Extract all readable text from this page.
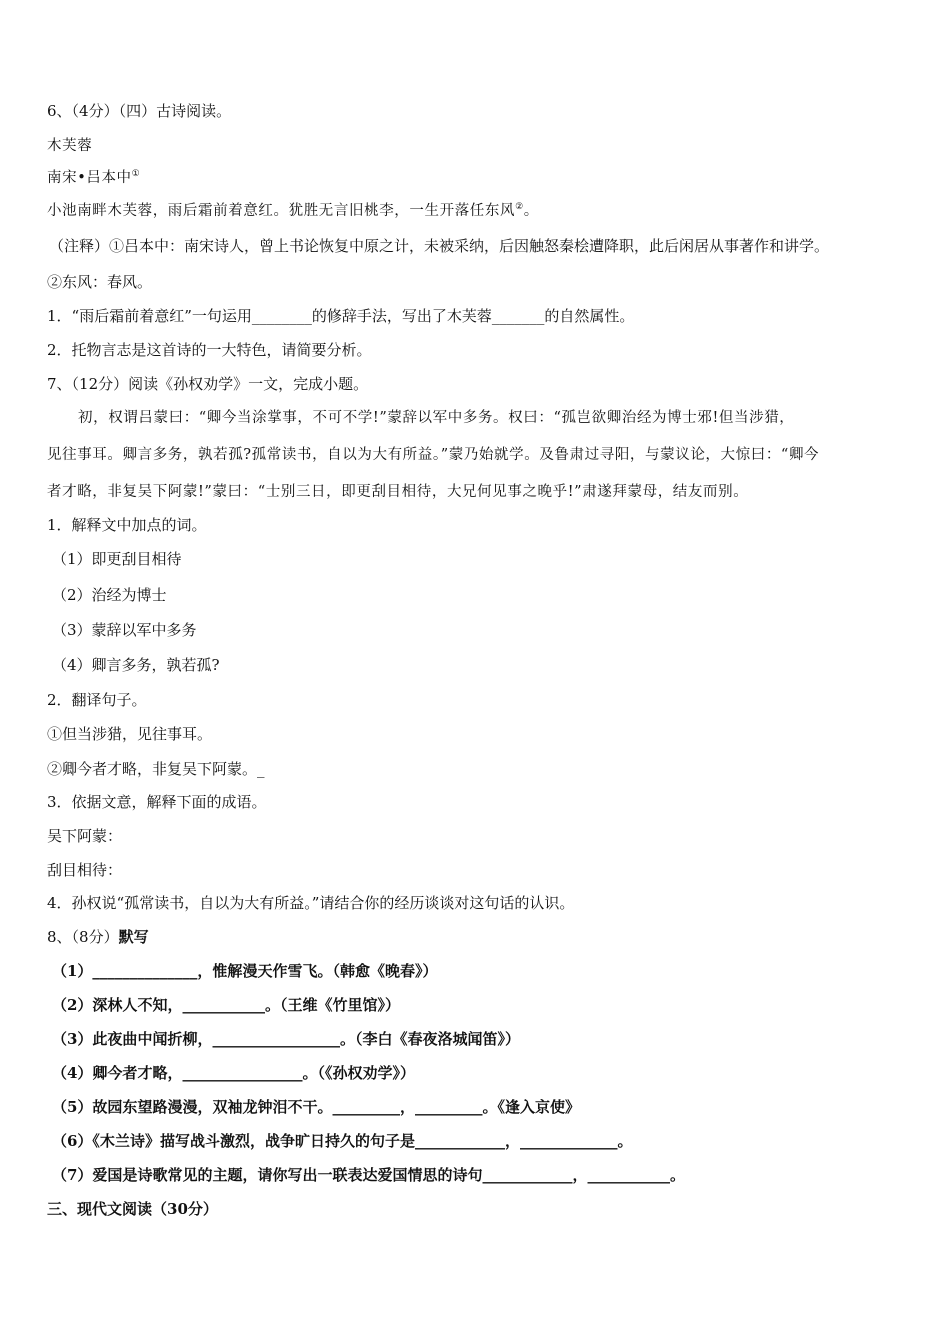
6、（4分）（四）古诗阅读。
木芙蓉
南宋•吕本中①
小池南畔木芙蓉，雨后霜前着意红。犹胜无言旧桃李，一生开落任东风②。
（注释）①吕本中：南宋诗人，曾上书论恢复中原之计，未被采纳，后因触怒秦桧遭降职，此后闲居从事著作和讲学。
②东风：春风。
1．“雨后霜前着意红”一句运用________的修辞手法，写出了木芙蓉_______的自然属性。
2．托物言志是这首诗的一大特色，请简要分析。
7、（12分）阅读《孙权劝学》一文，完成小题。
初，权谓吕蒙曰：“卿今当涂掌事，不可不学!”蒙辞以军中多务。权曰：“孤岂欲卿治经为博士邪!但当涉猎，
见往事耳。卿言多务，孰若孤?孤常读书，自以为大有所益。”蒙乃始就学。及鲁肃过寻阳，与蒙议论，大惊曰：“卿今
者才略，非复吴下阿蒙!”蒙曰：“士别三日，即更刮目相待，大兄何见事之晚乎!”肃遂拜蒙母，结友而别。
1．解释文中加点的词。
（1）即更刮目相待
（2）治经为博士
（3）蒙辞以军中多务
（4）卿言多务，孰若孤?
2．翻译句子。
①但当涉猎，见往事耳。
②卿今者才略，非复吴下阿蒙。_
3．依据文意，解释下面的成语。
吴下阿蒙：
刮目相待：
4．孙权说“孤常读书，自以为大有所益。”请结合你的经历谈谈对这句话的认识。
8、（8分）默写
（1）______________，惟解漫天作雪飞。（韩愈《晚春》）
（2）深林人不知，___________。（王维《竹里馆》）
（3）此夜曲中闻折柳，_________________。（李白《春夜洛城闻笛》）
（4）卿今者才略，________________。（《孙权劝学》）
（5）故园东望路漫漫，双袖龙钟泪不干。_________，_________。《逢入京使》
（6）《木兰诗》描写战斗激烈，战争旷日持久的句子是____________，_____________。
（7）爱国是诗歌常见的主题，请你写出一联表达爱国情思的诗句____________，___________。
三、现代文阅读（30分）
